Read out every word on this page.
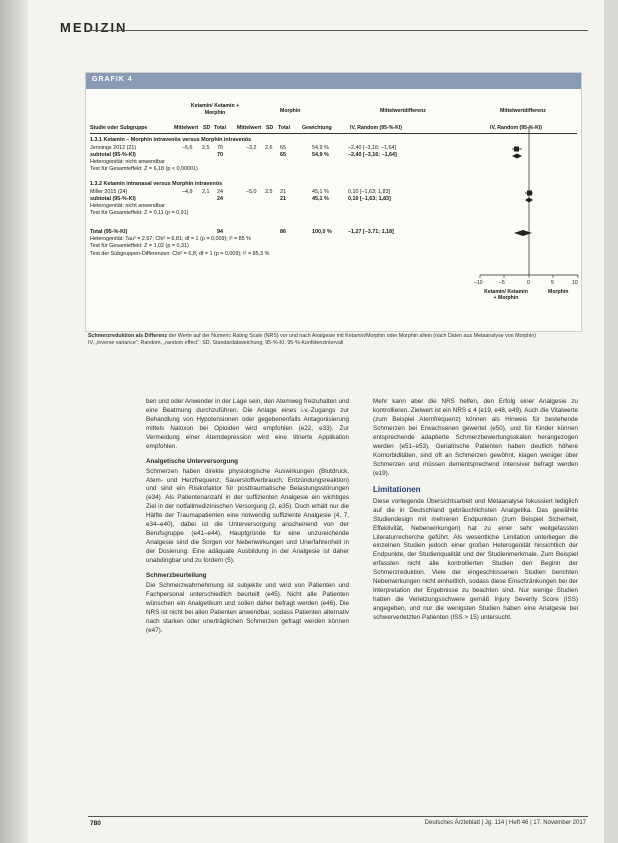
MEDIZIN
GRAFIK 4
Ketamin/ Ketamin + Morphin	Morphin	Mittelwertdifferenz	Mittelwertdifferenz
Studie oder Subgruppe	Mittelwert SD Total Mittelwert SD Total Gewichtung	IV, Random (95-%-KI)	IV, Random (95-%-KI)
1.3.1 Ketamin – Morphin intravenös versus Morphin intravenös
Jennings 2012 (21)	–5,6 2,5 70	–3,2 2,6 65	54,9 %	–2,40 [–3,16; –1,64]
subtotal (95-%-KI)	70	65	54,9 %	–2,40 [–3,16; –1,64]
Heterogenität: nicht anwendbar
Test für Gesamteffekt: Z = 6,18 (p < 0,00001)
1.3.2 Ketamin intranasal versus Morphin intravenös
Miller 2015 (24)	–4,9 2,1 24	–5,0 2,5 21	45,1 %	0,10 [–1,63; 1,83]
subtotal (95-%-KI)	24	21	45,1 %	0,10 [–1,63; 1,83]
Heterogenität: nicht anwendbar
Test für Gesamteffekt: Z = 0,11 (p = 0,91)
Total (95-%-KI)	94	86	100,0 %	–1,27 [–3,71; 1,18]
Heterogenität: Tau² = 2,67; Chi² = 6,81; df = 1 (p = 0,009); I² = 85 %
Test für Gesamteffekt: Z = 1,02 (p = 0,31)
Test der Subgruppen-Differenzen: Chi² = 6,8; df = 1 (p = 0,009); I² = 85,3 %
–10	–5	0	5	10
Ketamin/ Ketamin + Morphin
Morphin
Schmerzreduktion als Differenz der Werte auf der Numeric Rating Scale (NRS) vor und nach Analgesie mit Ketamin/Morphin oder Morphin allein (nach Daten aus Metaanalyse von Morphin)
IV, „inverse variance“; Random, „random effect“; SD, Standardabweichung; 95-%-KI, 95-%-Konfidenzintervall

ben und oder Anwender in der Lage sein, den Atemweg freizuhalten und eine Beatmung durchzuführen. Die Anlage eines i.v.-Zugangs zur Behandlung von Hypotensionen oder gegebenenfalls Antagonisierung mittels Naloxon bei Opioiden wird empfohlen (e22, e33). Zur Vermeidung einer Atemdepression wird eine titrierte Applikation empfohlen.

Analgetische Unterversorgung

Schmerzen haben direkte physiologische Auswirkungen (Blutdruck, Atem- und Herzfrequenz, Sauerstoffverbrauch, Entzündungsreaktion) und sind ein Risikofaktor für posttraumatische Belastungsstörungen (e34). Als Patientenanzahl in der suffizienten Analgesie ein wichtiges Ziel in der notfallmedizinischen Versorgung (2, e35). Doch erhält nur die Hälfte der Traumapatienten eine notwendig suffiziente Analgesie (4, 7, e34–e40), dabei ist die Unterversorgung anscheinend von der Berufsgruppe (e41–e44). Hauptgründe für eine unzureichende Analgesie sind die Sorgen vor Nebenwirkungen und Unerfahrenheit in der Dosierung. Eine adäquate Ausbildung in der Analgesie ist daher unabdingbar und zu fordern (5).

Schmerzbeurteilung

Die Schmerzwahrnehmung ist subjektiv und wird von Patienten und Fachpersonal unterschiedlich beurteilt (e45). Nicht alle Patienten wünschen ein Analgetikum und sollen daher befragt werden (e46). Die NRS ist nicht bei allen Patienten anwendbar, sodass Patienten alternativ nach starken oder unerträglichen Schmerzen gefragt werden können (e47).

Mehr kann aber die NRS helfen, den Erfolg einer Analgesie zu kontrollieren. Zielwert ist ein NRS ≤ 4 (e19, e48, e49). Auch die Vitalwerte (zum Beispiel Atemfrequenz) können als Hinweis für bestehende Schmerzen bei Erwachsenen gewertet (e50), und für Kinder können entsprechende adaptierte Schmerzbewertungsskalen herangezogen werden (e51–e53). Geriatrische Patienten haben deutlich höhere Komorbiditäten, sind oft an Schmerzen gewöhnt, klagen weniger über Schmerzen und müssen dementsprechend intensiver befragt werden (e19).

Limitationen

Diese vorliegende Übersichtsarbeit und Metaanalyse fokussiert lediglich auf die in Deutschland gebräuchlichsten Analgetika. Das gewählte Studiendesign mit mehreren Endpunkten (zum Beispiel Sicherheit, Effektivität, Nebenwirkungen) hat zu einer sehr weitgefassten Literaturrecherche geführt. Als wesentliche Limitation unterliegen die einzelnen Studien jedoch einer großen Heterogenität hinsichtlich der Endpunkte, der Studienqualität und der Studienmerkmale. Zum Beispiel erfassten nicht alle kontrollierten Studien den Beginn der Schmerzreduktion. Viele der eingeschlossenen Studien berichten Nebenwirkungen nicht einheitlich, sodass diese Einschränkungen bei der Interpretation der Ergebnisse zu beachten sind. Nur wenige Studien hatten die Verletzungsschwere gemäß Injury Severity Score (ISS) angegeben, und nur die wenigsten Studien haben eine Analgesie bei schwerverletzten Patienten (ISS > 15) untersucht.

780	Deutsches Ärzteblatt | Jg. 114 | Heft 46 | 17. November 2017
